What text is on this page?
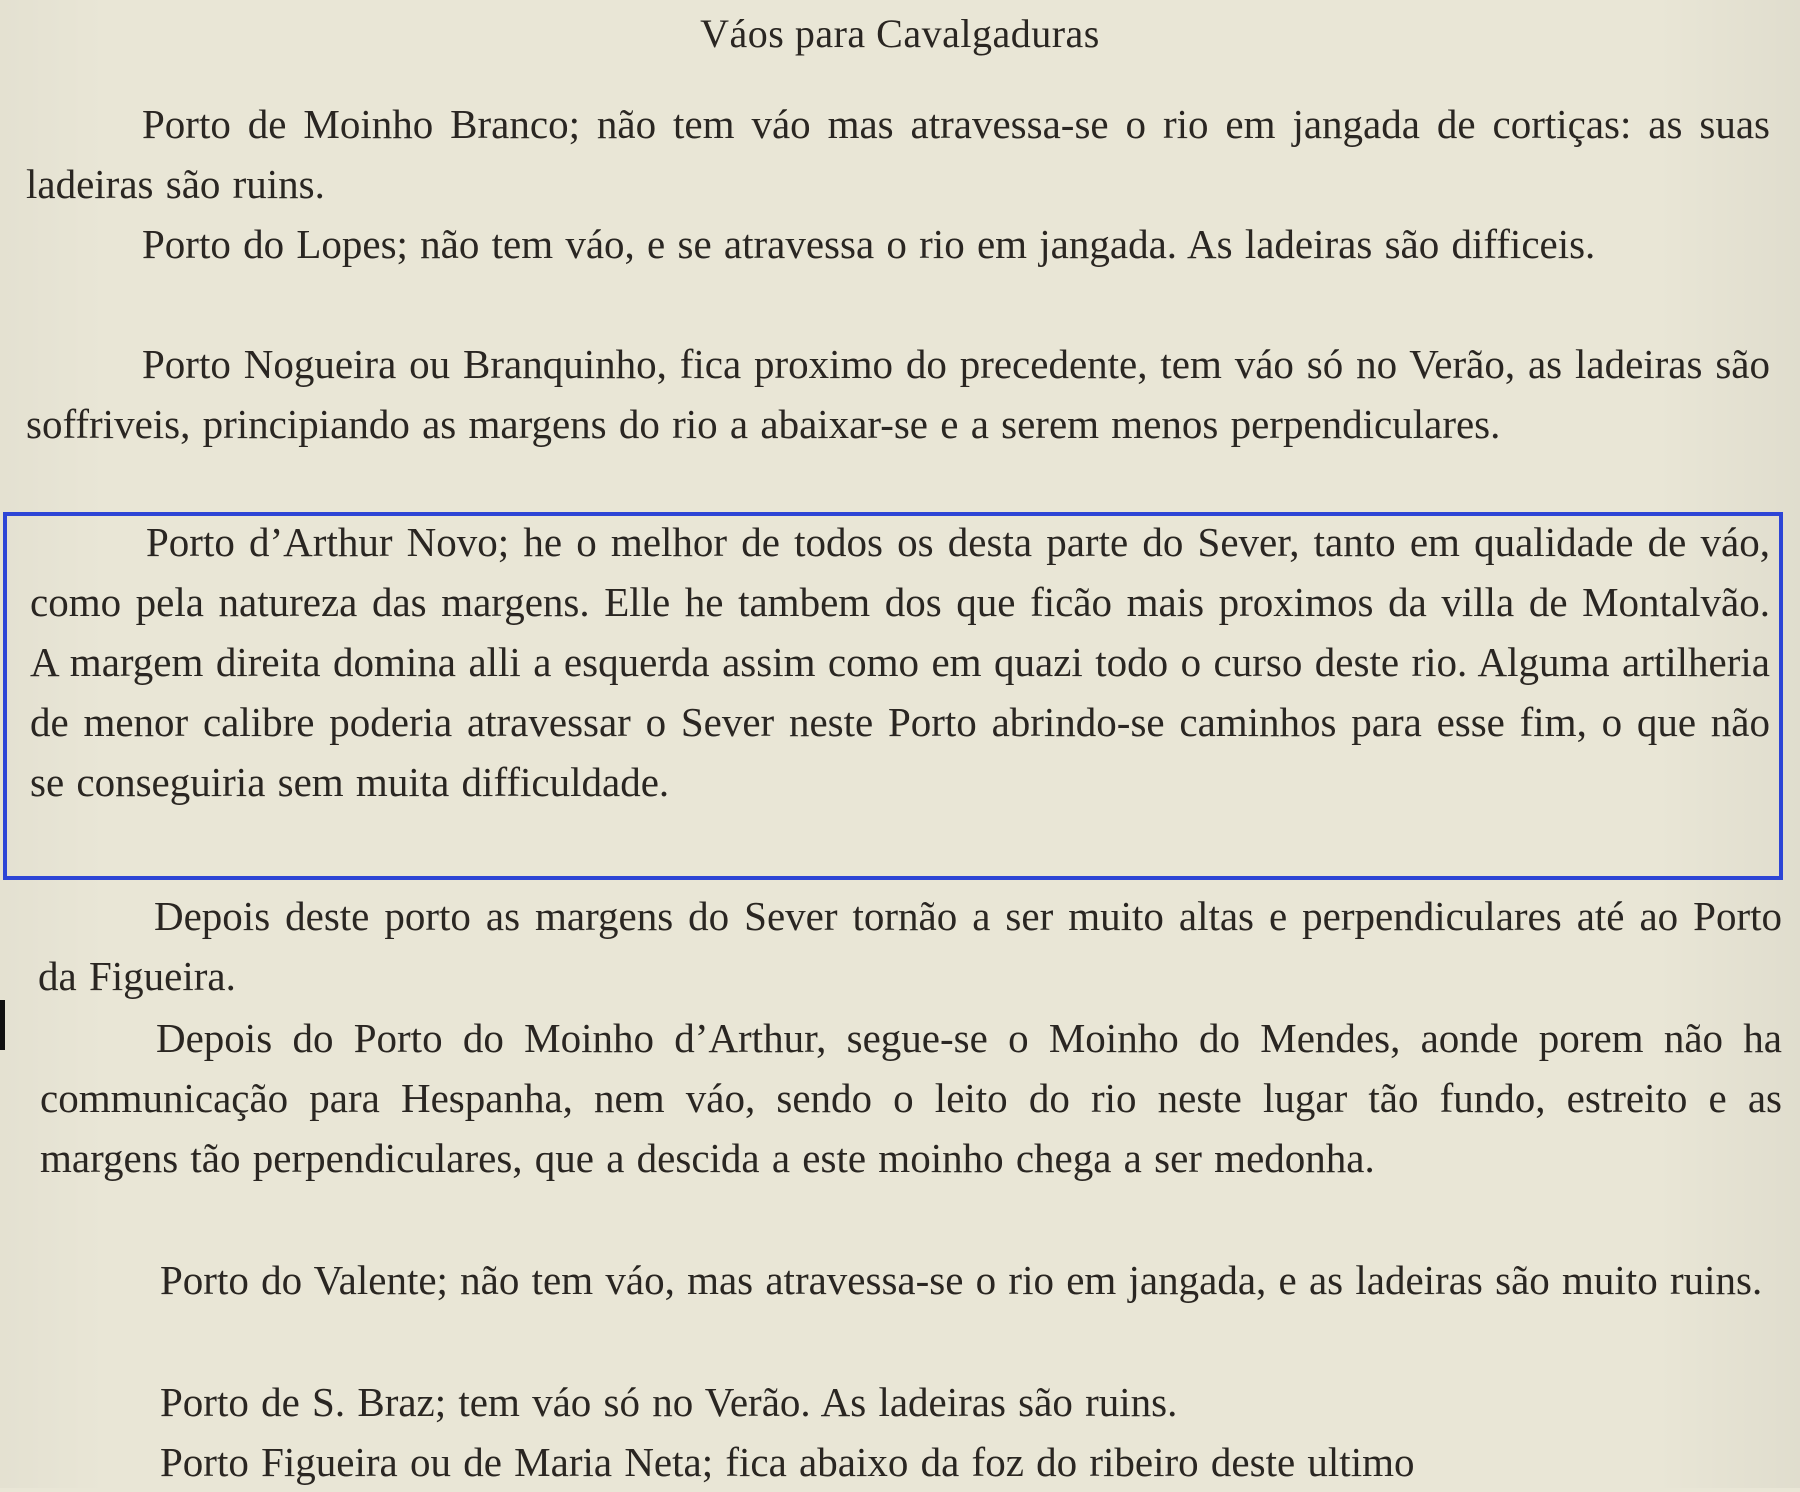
Váos para Cavalgaduras

Porto de Moinho Branco; não tem váo mas atravessa-se o rio em jangada de cortiças: as suas ladeiras são ruins.

Porto do Lopes; não tem váo, e se atravessa o rio em jangada. As ladeiras são difficeis.

Porto Nogueira ou Branquinho, fica proximo do precedente, tem váo só no Verão, as ladeiras são soffriveis, principiando as margens do rio a abaixar-se e a serem menos perpendiculares.

Porto d’Arthur Novo; he o melhor de todos os desta parte do Sever, tanto em qualidade de váo, como pela natureza das margens. Elle he tambem dos que ficão mais proximos da villa de Montalvão. A margem direita domina alli a esquerda assim como em quazi todo o curso deste rio. Alguma artilheria de menor calibre poderia atravessar o Sever neste Porto abrindo-se caminhos para esse fim, o que não se conseguiria sem muita difficuldade.

Depois deste porto as margens do Sever tornão a ser muito altas e perpendiculares até ao Porto da Figueira.

Depois do Porto do Moinho d’Arthur, segue-se o Moinho do Mendes, aonde porem não ha communicação para Hespanha, nem váo, sendo o leito do rio neste lugar tão fundo, estreito e as margens tão perpendiculares, que a descida a este moinho chega a ser medonha.

Porto do Valente; não tem váo, mas atravessa-se o rio em jangada, e as ladeiras são muito ruins.

Porto de S. Braz; tem váo só no Verão. As ladeiras são ruins.

Porto Figueira ou de Maria Neta; fica abaixo da foz do ribeiro deste ultimo
